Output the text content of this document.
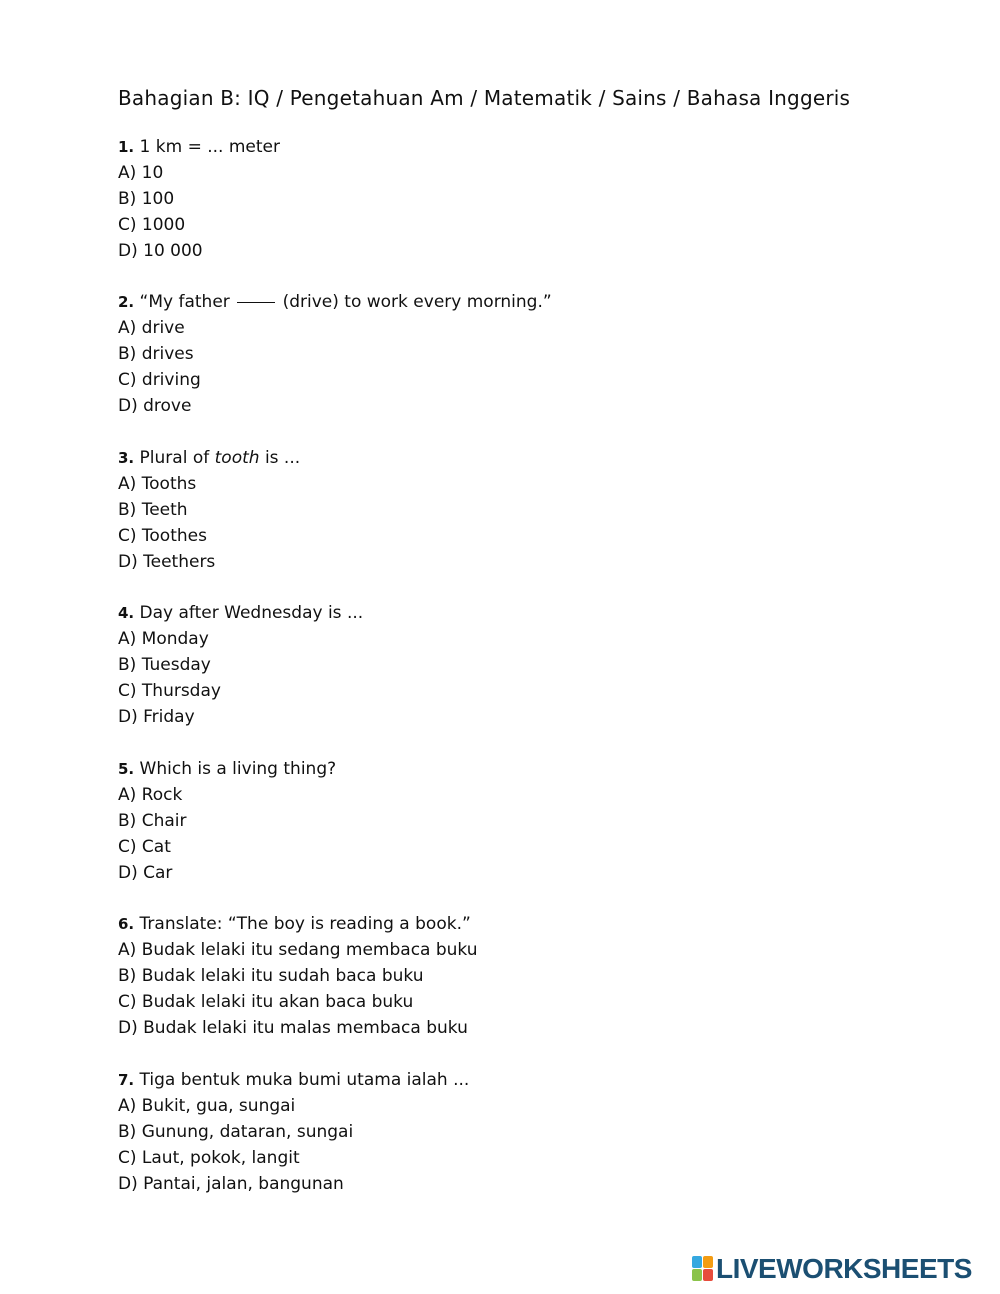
Bahagian B: IQ / Pengetahuan Am / Matematik / Sains / Bahasa Inggeris
1. 1 km = ... meter
A) 10
B) 100
C) 1000
D) 10 000
2. “My father  (drive) to work every morning.”
A) drive
B) drives
C) driving
D) drove
3. Plural of tooth is ...
A) Tooths
B) Teeth
C) Toothes
D) Teethers
4. Day after Wednesday is ...
A) Monday
B) Tuesday
C) Thursday
D) Friday
5. Which is a living thing?
A) Rock
B) Chair
C) Cat
D) Car
6. Translate: “The boy is reading a book.”
A) Budak lelaki itu sedang membaca buku
B) Budak lelaki itu sudah baca buku
C) Budak lelaki itu akan baca buku
D) Budak lelaki itu malas membaca buku
7. Tiga bentuk muka bumi utama ialah ...
A) Bukit, gua, sungai
B) Gunung, dataran, sungai
C) Laut, pokok, langit
D) Pantai, jalan, bangunan
LIVEWORKSHEETS
